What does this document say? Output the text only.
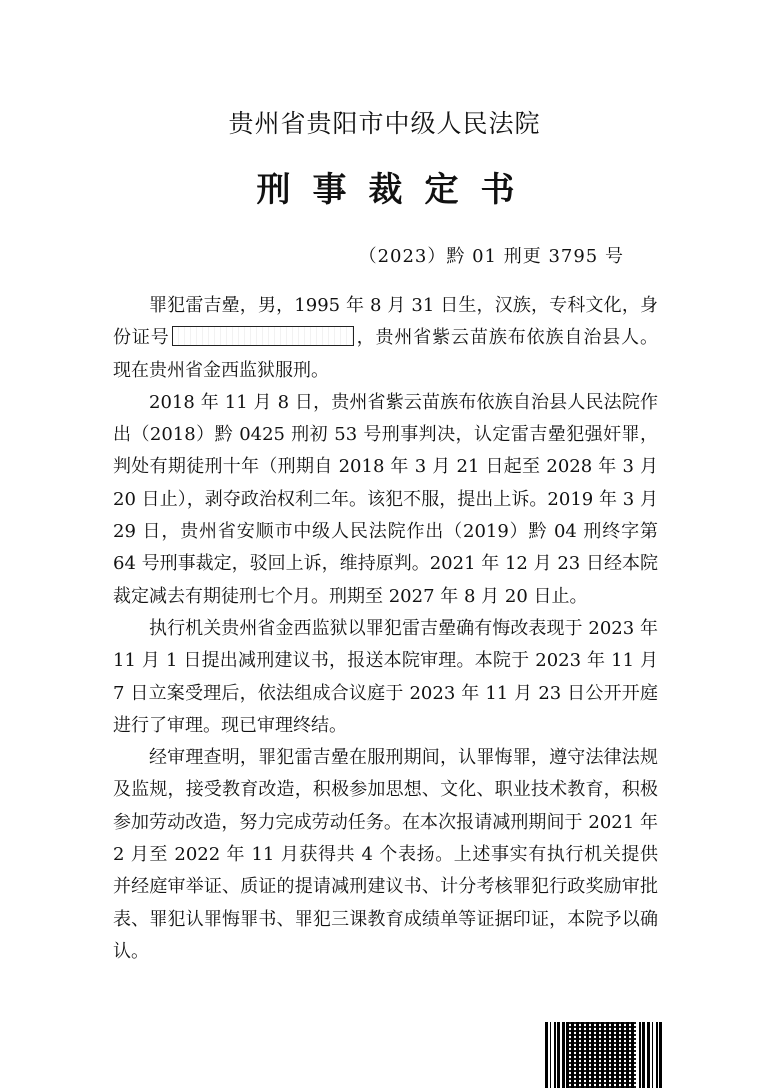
贵州省贵阳市中级人民法院
刑事裁定书
（2023）黔 01 刑更 3795 号

罪犯雷吉曐，男，1995 年 8 月 31 日生，汉族，专科文化，身份证号	，贵州省紫云苗族布依族自治县人。现在贵州省金西监狱服刑。

2018 年 11 月 8 日，贵州省紫云苗族布依族自治县人民法院作出（2018）黔 0425 刑初 53 号刑事判决，认定雷吉曐犯强奸罪，判处有期徒刑十年（刑期自 2018 年 3 月 21 日起至 2028 年 3 月 20 日止），剥夺政治权利二年。该犯不服，提出上诉。2019 年 3 月 29 日，贵州省安顺市中级人民法院作出（2019）黔 04 刑终字第 64 号刑事裁定，驳回上诉，维持原判。2021 年 12 月 23 日经本院裁定减去有期徒刑七个月。刑期至 2027 年 8 月 20 日止。

执行机关贵州省金西监狱以罪犯雷吉曐确有悔改表现于 2023 年 11 月 1 日提出减刑建议书，报送本院审理。本院于 2023 年 11 月 7 日立案受理后，依法组成合议庭于 2023 年 11 月 23 日公开开庭进行了审理。现已审理终结。

经审理查明，罪犯雷吉曐在服刑期间，认罪悔罪，遵守法律法规及监规，接受教育改造，积极参加思想、文化、职业技术教育，积极参加劳动改造，努力完成劳动任务。在本次报请减刑期间于 2021 年 2 月至 2022 年 11 月获得共 4 个表扬。上述事实有执行机关提供并经庭审举证、质证的提请减刑建议书、计分考核罪犯行政奖励审批表、罪犯认罪悔罪书、罪犯三课教育成绩单等证据印证，本院予以确认。
